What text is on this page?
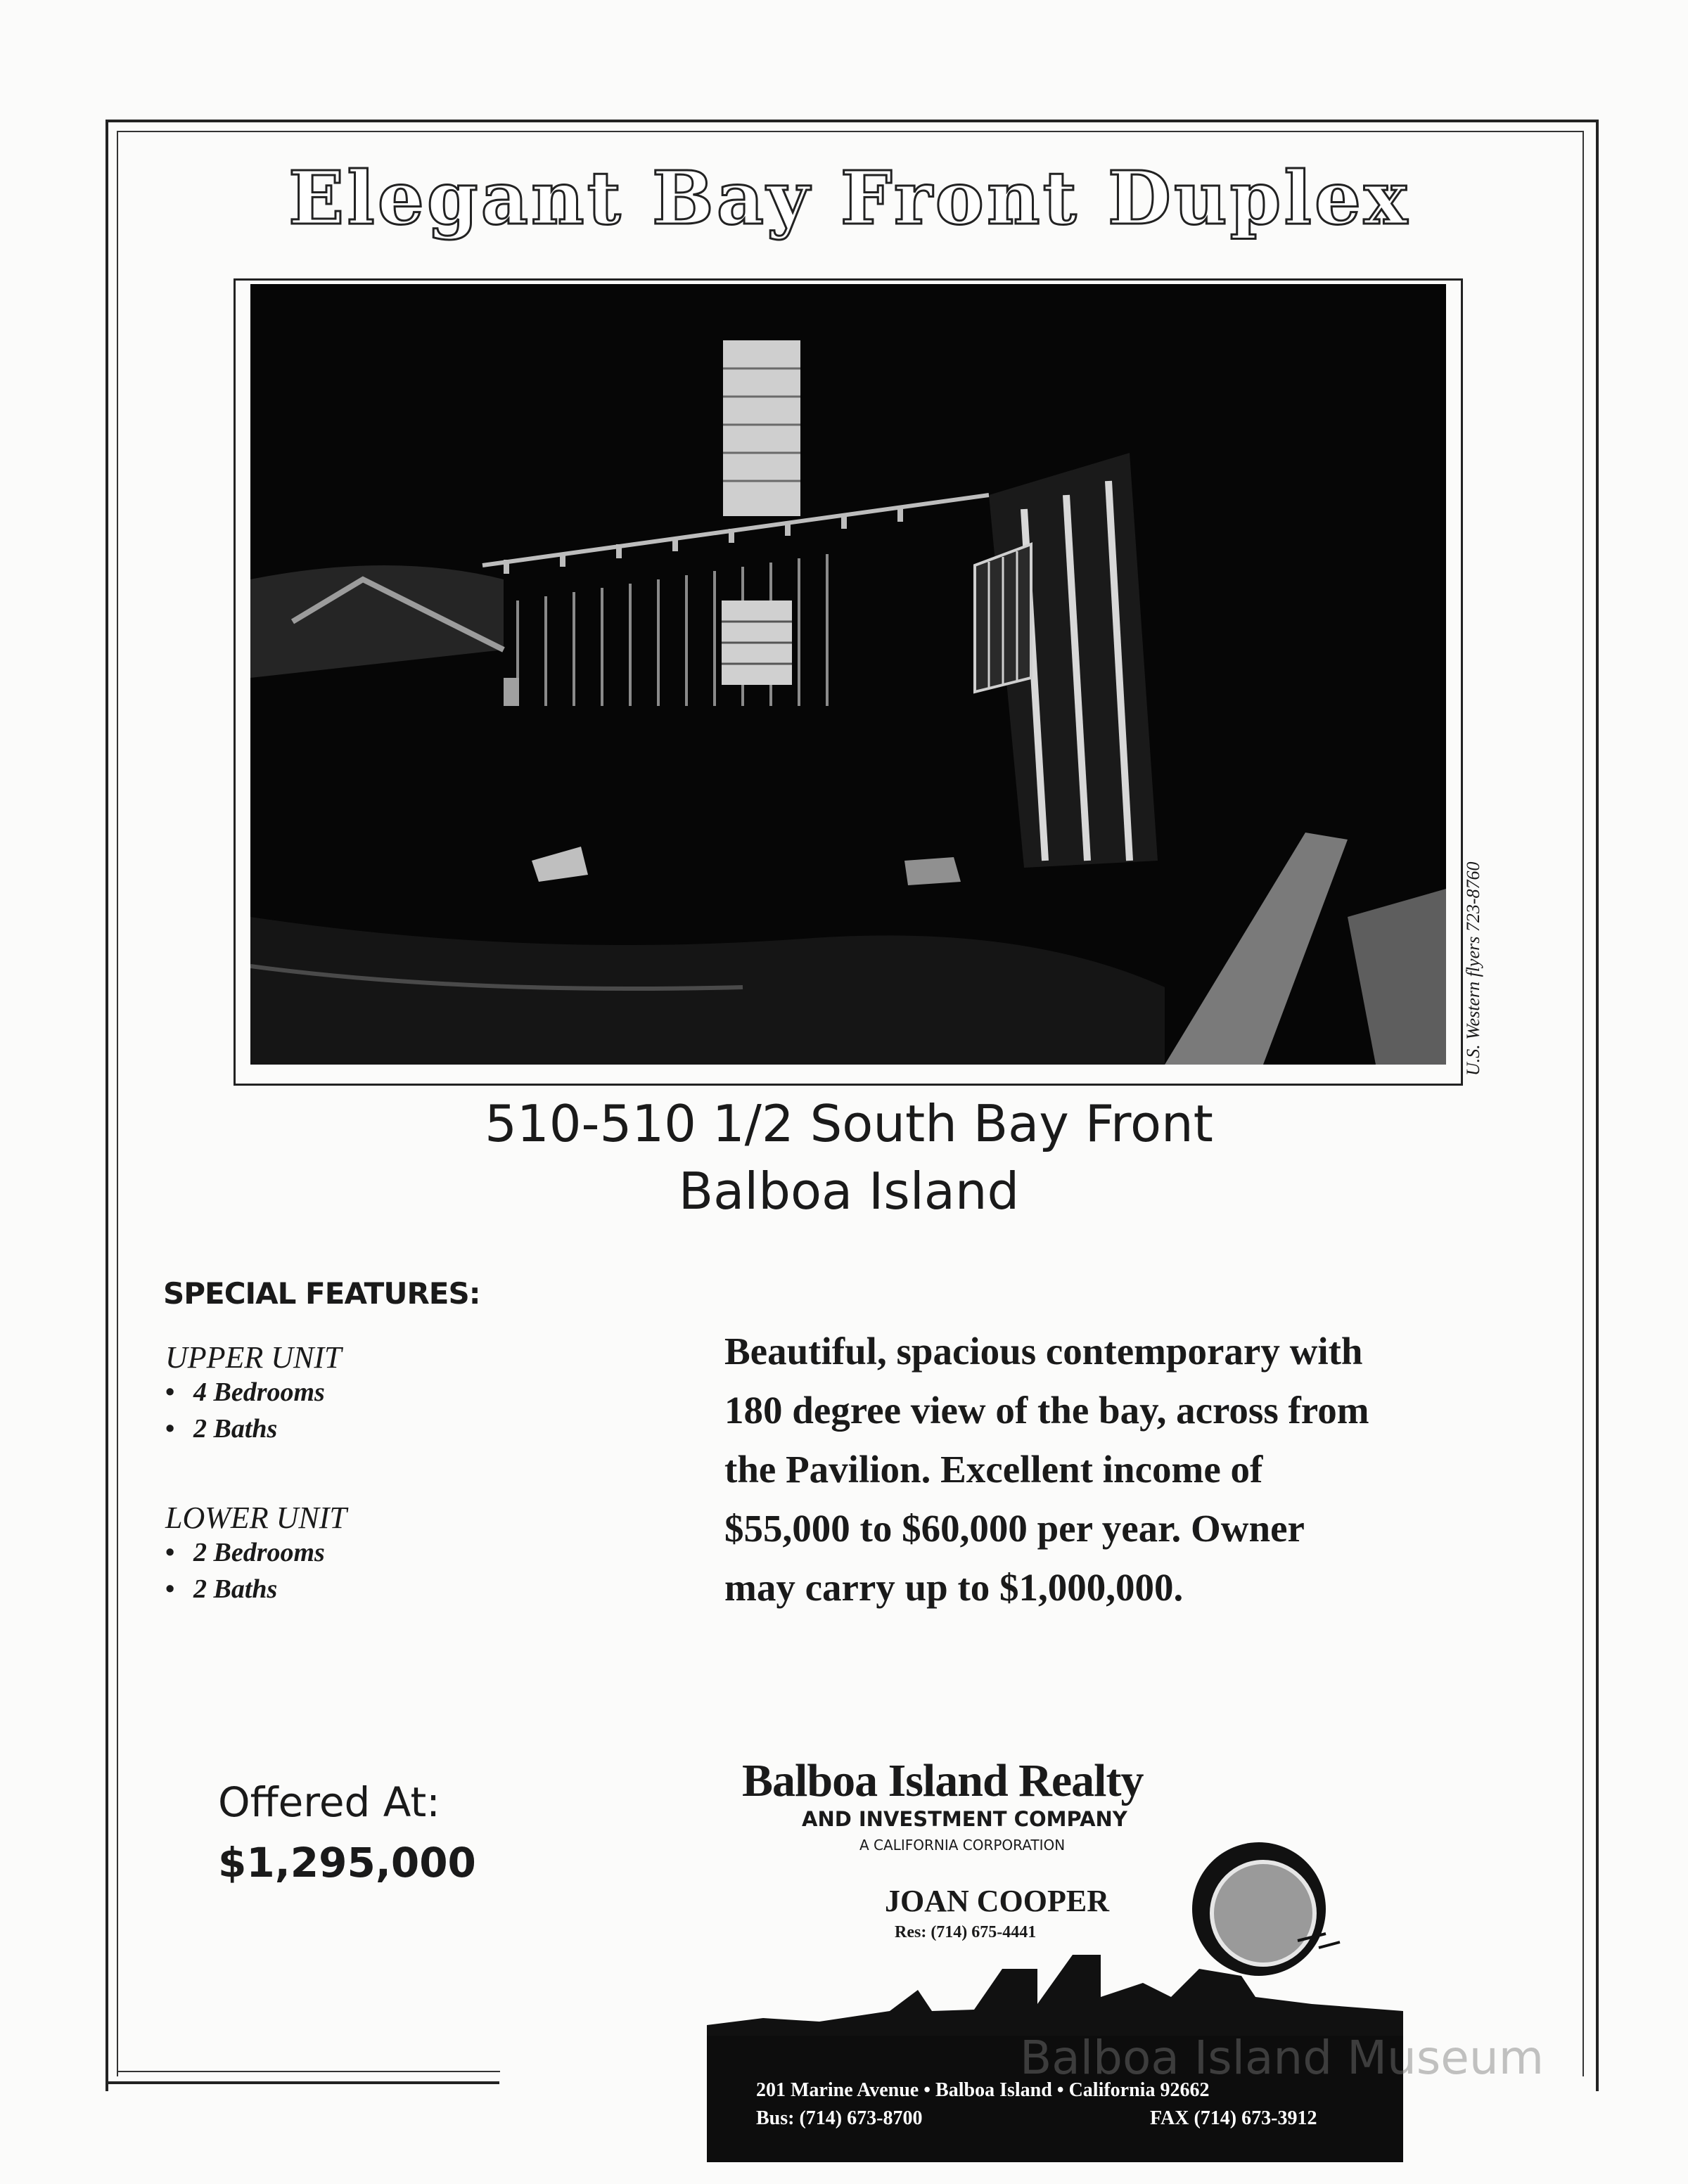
Elegant Bay Front Duplex
U.S. Western flyers 723-8760
510-510 1/2 South Bay Front
Balboa Island
SPECIAL FEATURES:
UPPER UNIT
• 4 Bedrooms
• 2 Baths
LOWER UNIT
• 2 Bedrooms
• 2 Baths
Beautiful, spacious contemporary with
180 degree view of the bay, across from
the Pavilion. Excellent income of
$55,000 to $60,000 per year. Owner
may carry up to $1,000,000.
Offered At:
$1,295,000
Balboa Island Realty
AND INVESTMENT COMPANY
A CALIFORNIA CORPORATION
JOAN COOPER
Res: (714) 675-4441
201 Marine Avenue • Balboa Island • California 92662
Bus: (714) 673-8700	FAX (714) 673-3912
Balboa Island Museum
